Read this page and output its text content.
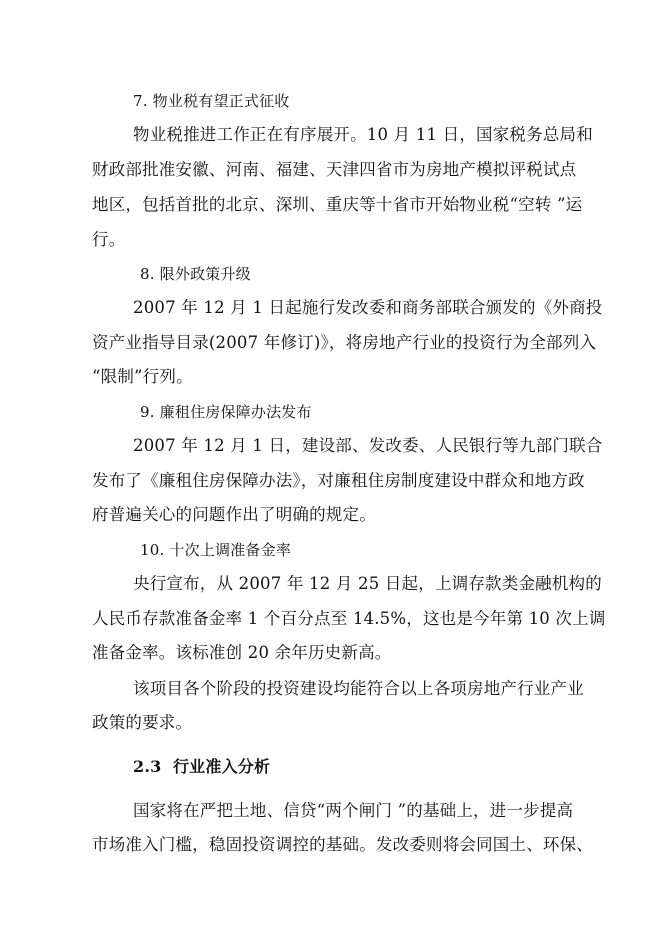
7. 物业税有望正式征收
物业税推进工作正在有序展开。10 月 11 日，国家税务总局和
财政部批准安徽、河南、福建、天津四省市为房地产模拟评税试点
地区，包括首批的北京、深圳、重庆等十省市开始物业税“空转 ”运
行。
8. 限外政策升级
2007 年 12 月 1 日起施行发改委和商务部联合颁发的《外商投
资产业指导目录(2007 年修订)》，将房地产行业的投资行为全部列入
“限制”行列。
9. 廉租住房保障办法发布
2007 年 12 月 1 日，建设部、发改委、人民银行等九部门联合
发布了《廉租住房保障办法》，对廉租住房制度建设中群众和地方政
府普遍关心的问题作出了明确的规定。
10. 十次上调准备金率
央行宣布，从 2007 年 12 月 25 日起，上调存款类金融机构的
人民币存款准备金率 1 个百分点至 14.5%，这也是今年第 10 次上调
准备金率。该标准创 20 余年历史新高。
该项目各个阶段的投资建设均能符合以上各项房地产行业产业
政策的要求。
2.3 行业准入分析
国家将在严把土地、信贷“两个闸门 ”的基础上，进一步提高
市场准入门槛，稳固投资调控的基础。发改委则将会同国土、环保、
